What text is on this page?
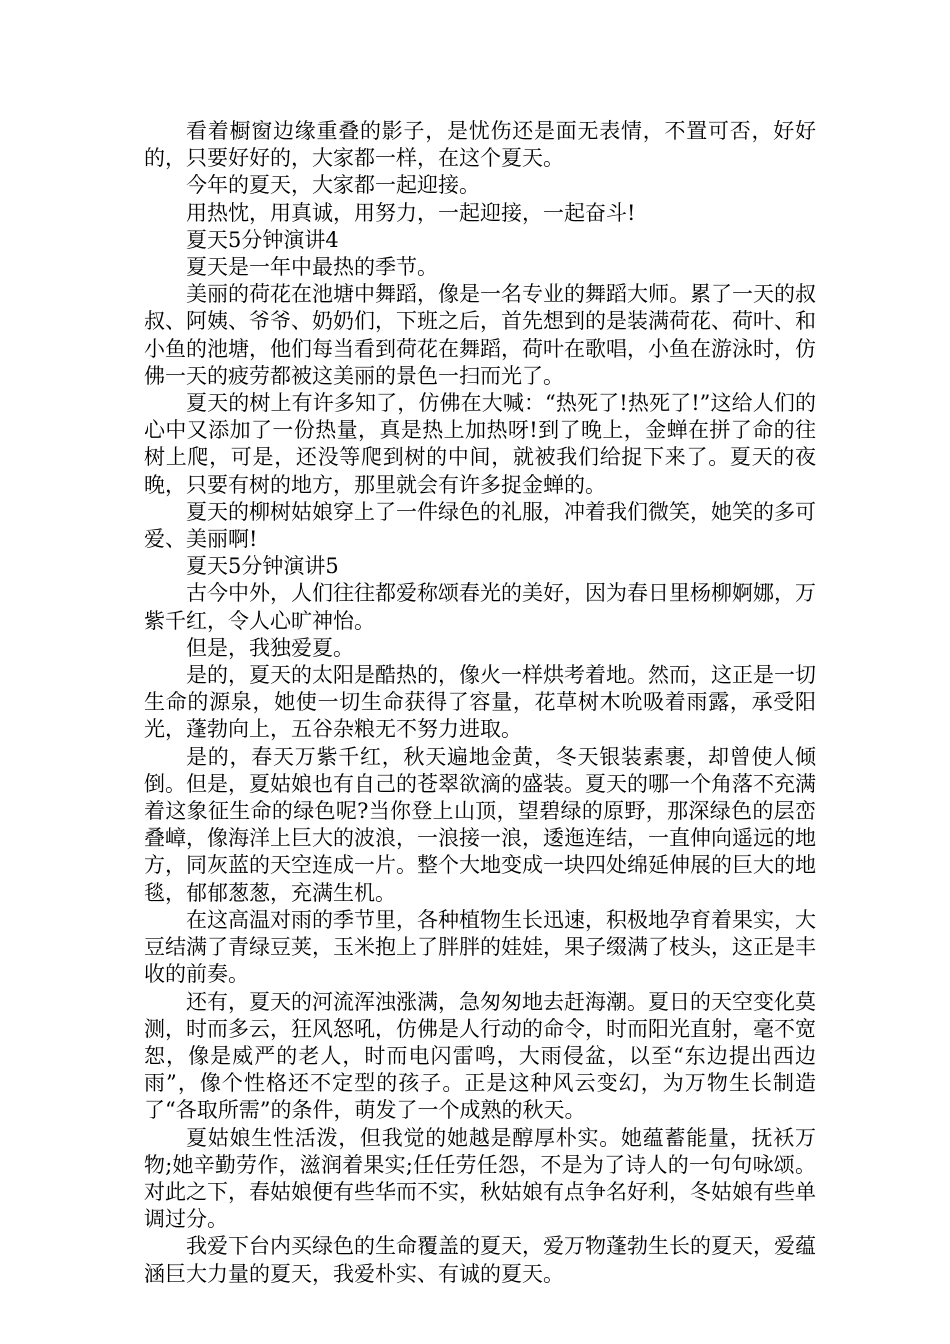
看着橱窗边缘重叠的影子，是忧伤还是面无表情，不置可否，好好的，只要好好的，大家都一样，在这个夏天。

今年的夏天，大家都一起迎接。

用热忱，用真诚，用努力，一起迎接，一起奋斗!

夏天5分钟演讲4

夏天是一年中最热的季节。

美丽的荷花在池塘中舞蹈，像是一名专业的舞蹈大师。累了一天的叔叔、阿姨、爷爷、奶奶们，下班之后，首先想到的是装满荷花、荷叶、和小鱼的池塘，他们每当看到荷花在舞蹈，荷叶在歌唱，小鱼在游泳时，仿佛一天的疲劳都被这美丽的景色一扫而光了。

夏天的树上有许多知了，仿佛在大喊：“热死了!热死了!”这给人们的心中又添加了一份热量，真是热上加热呀!到了晚上，金蝉在拼了命的往树上爬，可是，还没等爬到树的中间，就被我们给捉下来了。夏天的夜晚，只要有树的地方，那里就会有许多捉金蝉的。

夏天的柳树姑娘穿上了一件绿色的礼服，冲着我们微笑，她笑的多可爱、美丽啊!

夏天5分钟演讲5

古今中外，人们往往都爱称颂春光的美好，因为春日里杨柳婀娜，万紫千红，令人心旷神怡。

但是，我独爱夏。

是的，夏天的太阳是酷热的，像火一样烘考着地。然而，这正是一切生命的源泉，她使一切生命获得了容量，花草树木吮吸着雨露，承受阳光，蓬勃向上，五谷杂粮无不努力进取。

是的，春天万紫千红，秋天遍地金黄，冬天银装素裹，却曾使人倾倒。但是，夏姑娘也有自己的苍翠欲滴的盛装。夏天的哪一个角落不充满着这象征生命的绿色呢?当你登上山顶，望碧绿的原野，那深绿色的层峦叠嶂，像海洋上巨大的波浪，一浪接一浪，逶迤连结，一直伸向遥远的地方，同灰蓝的天空连成一片。整个大地变成一块四处绵延伸展的巨大的地毯，郁郁葱葱，充满生机。

在这高温对雨的季节里，各种植物生长迅速，积极地孕育着果实，大豆结满了青绿豆荚，玉米抱上了胖胖的娃娃，果子缀满了枝头，这正是丰收的前奏。

还有，夏天的河流浑浊涨满，急匆匆地去赶海潮。夏日的天空变化莫测，时而多云，狂风怒吼，仿佛是人行动的命令，时而阳光直射，毫不宽恕，像是威严的老人，时而电闪雷鸣，大雨侵盆，以至“东边提出西边雨”，像个性格还不定型的孩子。正是这种风云变幻，为万物生长制造了“各取所需”的条件，萌发了一个成熟的秋天。

夏姑娘生性活泼，但我觉的她越是醇厚朴实。她蕴蓄能量，抚袄万物;她辛勤劳作，滋润着果实;任任劳任怨，不是为了诗人的一句句咏颂。对此之下，春姑娘便有些华而不实，秋姑娘有点争名好利，冬姑娘有些单调过分。

我爱下台内买绿色的生命覆盖的夏天，爱万物蓬勃生长的夏天，爱蕴涵巨大力量的夏天，我爱朴实、有诚的夏天。
